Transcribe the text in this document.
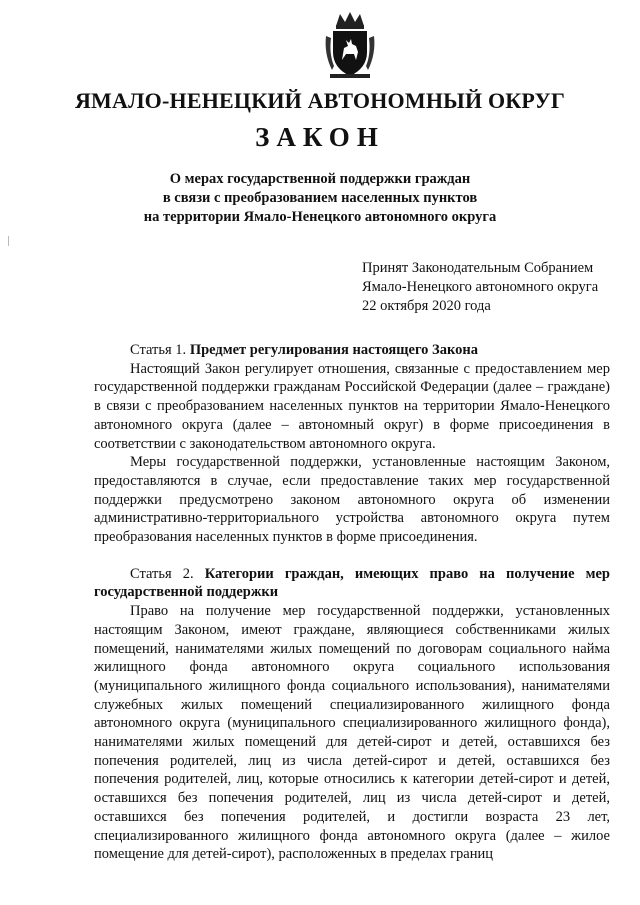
ЯМАЛО-НЕНЕЦКИЙ АВТОНОМНЫЙ ОКРУГ
ЗАКОН
О мерах государственной поддержки граждан
в связи с преобразованием населенных пунктов
на территории Ямало-Ненецкого автономного округа
Принят Законодательным Собранием
Ямало-Ненецкого автономного округа
22 октября 2020 года

Статья 1. Предмет регулирования настоящего Закона

Настоящий Закон регулирует отношения, связанные с предоставлением мер государственной поддержки гражданам Российской Федерации (далее – граждане) в связи с преобразованием населенных пунктов на территории Ямало-Ненецкого автономного округа (далее – автономный округ) в форме присоединения в соответствии с законодательством автономного округа.

Меры государственной поддержки, установленные настоящим Законом, предоставляются в случае, если предоставление таких мер государственной поддержки предусмотрено законом автономного округа об изменении административно-территориального устройства автономного округа путем преобразования населенных пунктов в форме присоединения.

Статья 2. Категории граждан, имеющих право на получение мер государственной поддержки

Право на получение мер государственной поддержки, установленных настоящим Законом, имеют граждане, являющиеся собственниками жилых помещений, нанимателями жилых помещений по договорам социального найма жилищного фонда автономного округа социального использования (муниципального жилищного фонда социального использования), нанимателями служебных жилых помещений специализированного жилищного фонда автономного округа (муниципального специализированного жилищного фонда), нанимателями жилых помещений для детей-сирот и детей, оставшихся без попечения родителей, лиц из числа детей-сирот и детей, оставшихся без попечения родителей, лиц, которые относились к категории детей-сирот и детей, оставшихся без попечения родителей, лиц из числа детей-сирот и детей, оставшихся без попечения родителей, и достигли возраста 23 лет, специализированного жилищного фонда автономного округа (далее – жилое помещение для детей-сирот), расположенных в пределах границ
